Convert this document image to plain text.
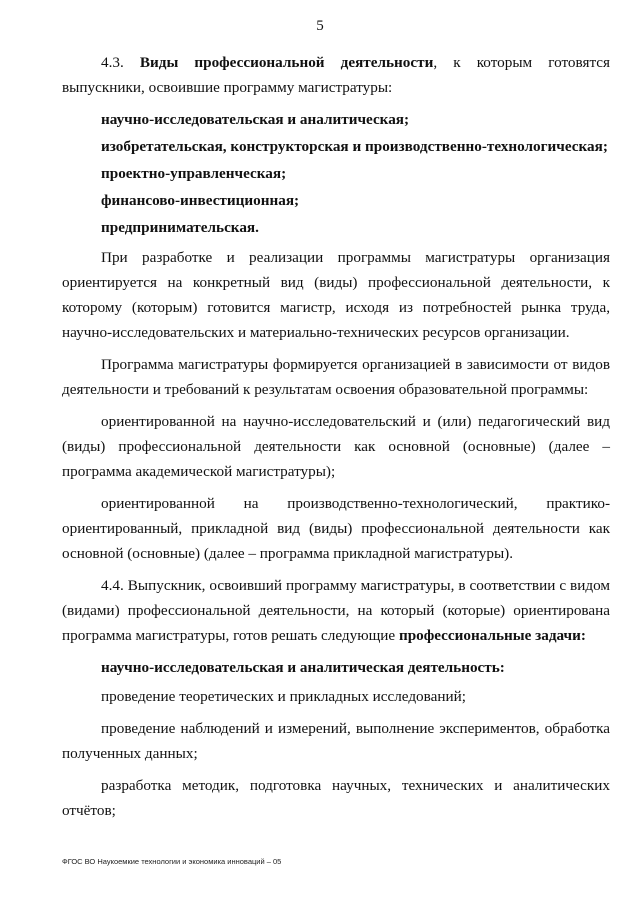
5

4.3. Виды профессиональной деятельности, к которым готовятся выпускники, освоившие программу магистратуры:

научно-исследовательская и аналитическая;

изобретательская, конструкторская и производственно-технологическая;

проектно-управленческая;

финансово-инвестиционная;

предпринимательская.

При разработке и реализации программы магистратуры организация ориентируется на конкретный вид (виды) профессиональной деятельности, к которому (которым) готовится магистр, исходя из потребностей рынка труда, научно-исследовательских и материально-технических ресурсов организации.

Программа магистратуры формируется организацией в зависимости от видов деятельности и требований к результатам освоения образовательной программы:

ориентированной на научно-исследовательский и (или) педагогический вид (виды) профессиональной деятельности как основной (основные) (далее – программа академической магистратуры);

ориентированной на производственно-технологический, практико-ориентированный, прикладной вид (виды) профессиональной деятельности как основной (основные) (далее – программа прикладной магистратуры).

4.4. Выпускник, освоивший программу магистратуры, в соответствии с видом (видами) профессиональной деятельности, на который (которые) ориентирована программа магистратуры, готов решать следующие профессиональные задачи:

научно-исследовательская и аналитическая деятельность:

проведение теоретических и прикладных исследований;

проведение наблюдений и измерений, выполнение экспериментов, обработка полученных данных;

разработка методик, подготовка научных, технических и аналитических отчётов;

ФГОС ВО Наукоемкие технологии и экономика инноваций – 05
